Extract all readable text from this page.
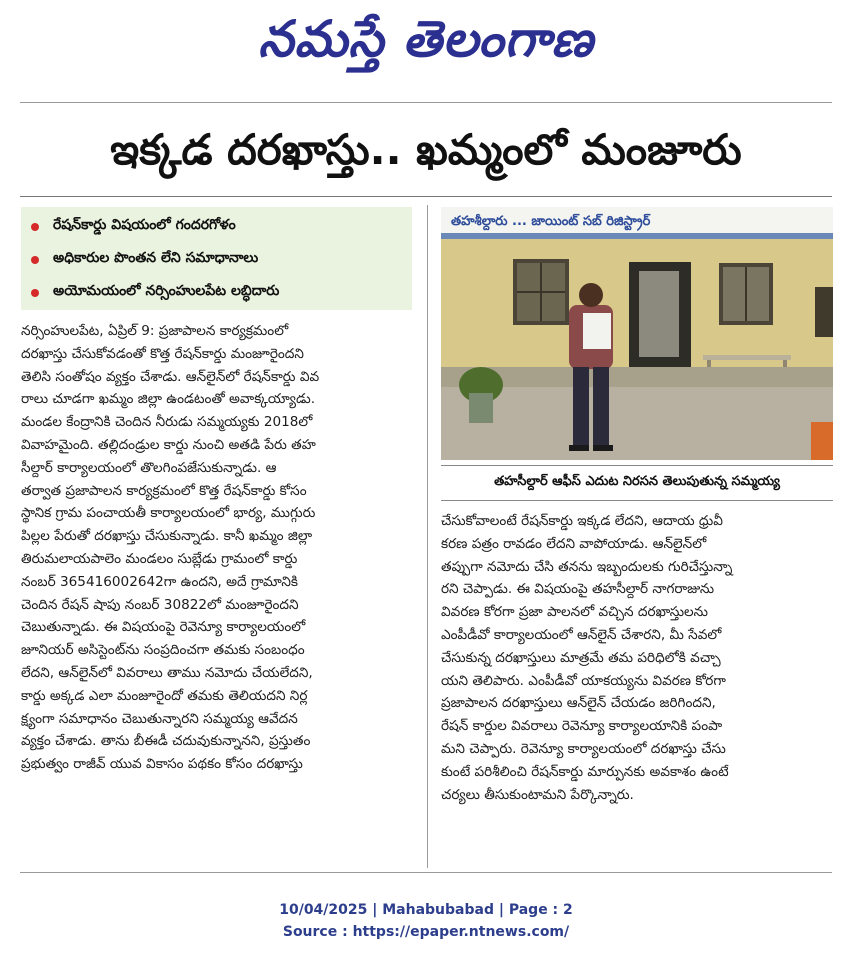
నమస్తే తెలంగాణ
ఇక్కడ దరఖాస్తు.. ఖమ్మంలో మంజూరు
రేషన్‌కార్డు విషయంలో గందరగోళం
అధికారుల పొంతన లేని సమాధానాలు
అయోమయంలో నర్సింహులపేట లబ్ధిదారు
తహశీల్దారు ... జాయింట్ సబ్ రిజిస్ట్రార్
తహసీల్దార్ ఆఫీస్ ఎదుట నిరసన తెలుపుతున్న సమ్మయ్య
నర్సింహులపేట, ఏప్రిల్ 9: ప్రజాపాలన కార్యక్రమంలో
దరఖాస్తు చేసుకోవడంతో కొత్త రేషన్‌కార్డు మంజూరైందని
తెలిసి సంతోషం వ్యక్తం చేశాడు. ఆన్‌లైన్‌లో రేషన్‌కార్డు వివ
రాలు చూడగా ఖమ్మం జిల్లా ఉండటంతో అవాక్కయ్యాడు.
మండల కేంద్రానికి చెందిన నీరుడు సమ్మయ్యకు 2018లో
వివాహమైంది. తల్లిదండ్రుల కార్డు నుంచి అతడి పేరు తహ
సీల్దార్ కార్యాలయంలో తొలగింపజేసుకున్నాడు. ఆ
తర్వాత ప్రజాపాలన కార్యక్రమంలో కొత్త రేషన్‌కార్డు కోసం
స్థానిక గ్రామ పంచాయతీ కార్యాలయంలో భార్య, ముగ్గురు
పిల్లల పేరుతో దరఖాస్తు చేసుకున్నాడు. కానీ ఖమ్మం జిల్లా
తిరుమలాయపాలెం మండలం సుబ్లేడు గ్రామంలో కార్డు
నంబర్ 365416002642గా ఉందని, అదే గ్రామానికి
చెందిన రేషన్ షాపు నంబర్ 30822లో మంజూరైందని
చెబుతున్నాడు. ఈ విషయంపై రెవెన్యూ కార్యాలయంలో
జూనియర్ అసిస్టెంట్‌ను సంప్రదించగా తమకు సంబంధం
లేదని, ఆన్‌లైన్‌లో వివరాలు తాము నమోదు చేయలేదని,
కార్డు అక్కడ ఎలా మంజూరైందో తమకు తెలియదని నిర్ల
క్ష్యంగా సమాధానం చెబుతున్నారని సమ్మయ్య ఆవేదన
వ్యక్తం చేశాడు. తాను బీఈడీ చదువుకున్నానని, ప్రస్తుతం
ప్రభుత్వం రాజీవ్ యువ వికాసం పథకం కోసం దరఖాస్తు
చేసుకోవాలంటే రేషన్‌కార్డు ఇక్కడ లేదని, ఆదాయ ధ్రువీ
కరణ పత్రం రావడం లేదని వాపోయాడు. ఆన్‌లైన్‌లో
తప్పుగా నమోదు చేసి తనను ఇబ్బందులకు గురిచేస్తున్నా
రని చెప్పాడు. ఈ విషయంపై తహసీల్దార్ నాగరాజును
వివరణ కోరగా ప్రజా పాలనలో వచ్చిన దరఖాస్తులను
ఎంపీడీవో కార్యాలయంలో ఆన్‌లైన్ చేశారని, మీ సేవలో
చేసుకున్న దరఖాస్తులు మాత్రమే తమ పరిధిలోకి వచ్చా
యని తెలిపారు. ఎంపీడీవో యాకయ్యను వివరణ కోరగా
ప్రజాపాలన దరఖాస్తులు ఆన్‌లైన్ చేయడం జరిగిందని,
రేషన్ కార్డుల వివరాలు రెవెన్యూ కార్యాలయానికి పంపా
మని చెప్పారు. రెవెన్యూ కార్యాలయంలో దరఖాస్తు చేసు
కుంటే పరిశీలించి రేషన్‌కార్డు మార్పునకు అవకాశం ఉంటే
చర్యలు తీసుకుంటామని పేర్కొన్నారు.
10/04/2025 | Mahabubabad | Page : 2
Source : https://epaper.ntnews.com/
